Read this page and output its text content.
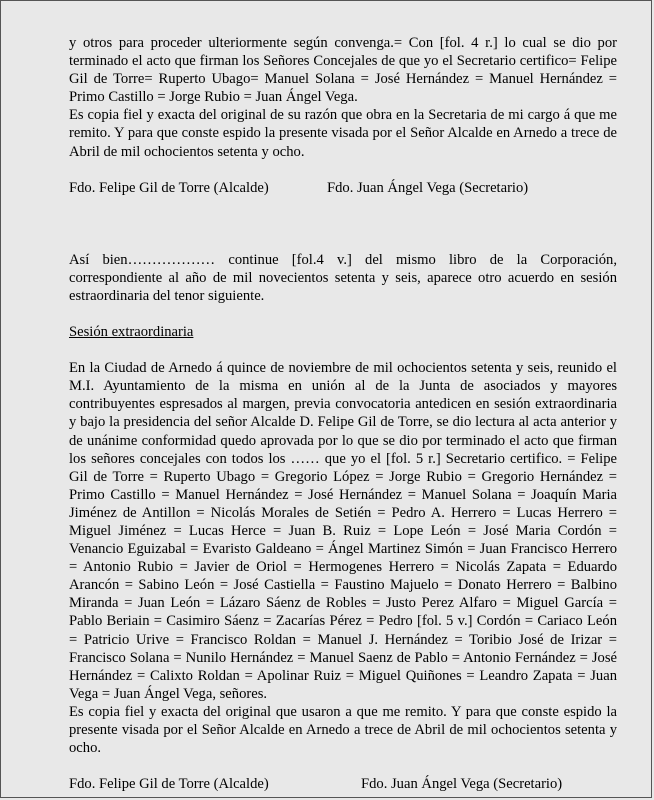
y otros para proceder ulteriormente según convenga.= Con [fol. 4 r.] lo cual se dio por terminado el acto que firman los Señores Concejales de que yo el Secretario certifico= Felipe Gil de Torre= Ruperto Ubago= Manuel Solana = José Hernández = Manuel Hernández = Primo Castillo = Jorge Rubio = Juan Ángel Vega.

Es copia fiel y exacta del original de su razón que obra en la Secretaria de mi cargo á que me remito. Y para que conste espido la presente visada por el Señor Alcalde en Arnedo a trece de Abril de mil ochocientos setenta y ocho.

Fdo. Felipe Gil de Torre (Alcalde)	Fdo. Juan Ángel Vega (Secretario)

Así bien……………… continue [fol.4 v.] del mismo libro de la Corporación, correspondiente al año de mil novecientos setenta y seis, aparece otro acuerdo en sesión estraordinaria del tenor siguiente.

Sesión extraordinaria

En la Ciudad de Arnedo á quince de noviembre de mil ochocientos setenta y seis, reunido el M.I. Ayuntamiento de la misma en unión al de la Junta de asociados y mayores contribuyentes espresados al margen, previa convocatoria antedicen en sesión extraordinaria y bajo la presidencia del señor Alcalde D. Felipe Gil de Torre, se dio lectura al acta anterior y de unánime conformidad quedo aprovada por lo que se dio por terminado el acto que firman los señores concejales con todos los …… que yo el [fol. 5 r.] Secretario certifico. = Felipe Gil de Torre = Ruperto Ubago = Gregorio López = Jorge Rubio = Gregorio Hernández = Primo Castillo = Manuel Hernández = José Hernández = Manuel Solana = Joaquín Maria Jiménez de Antillon = Nicolás Morales de Setién = Pedro A. Herrero = Lucas Herrero = Miguel Jiménez = Lucas Herce = Juan B. Ruiz = Lope León = José Maria Cordón = Venancio Eguizabal = Evaristo Galdeano = Ángel Martinez Simón = Juan Francisco Herrero = Antonio Rubio = Javier de Oriol = Hermogenes Herrero = Nicolás Zapata = Eduardo Arancón = Sabino León = José Castiella = Faustino Majuelo = Donato Herrero = Balbino Miranda = Juan León = Lázaro Sáenz de Robles = Justo Perez Alfaro = Miguel García = Pablo Beriain = Casimiro Sáenz = Zacarías Pérez = Pedro [fol. 5 v.] Cordón = Cariaco León = Patricio Urive = Francisco Roldan = Manuel J. Hernández = Toribio José de Irizar = Francisco Solana = Nunilo Hernández = Manuel Saenz de Pablo = Antonio Fernández = José Hernández = Calixto Roldan = Apolinar Ruiz = Miguel Quiñones = Leandro Zapata = Juan Vega = Juan Ángel Vega, señores.

Es copia fiel y exacta del original que usaron a que me remito. Y para que conste espido la presente visada por el Señor Alcalde en Arnedo a trece de Abril de mil ochocientos setenta y ocho.

Fdo. Felipe Gil de Torre (Alcalde)	Fdo. Juan Ángel Vega (Secretario)
